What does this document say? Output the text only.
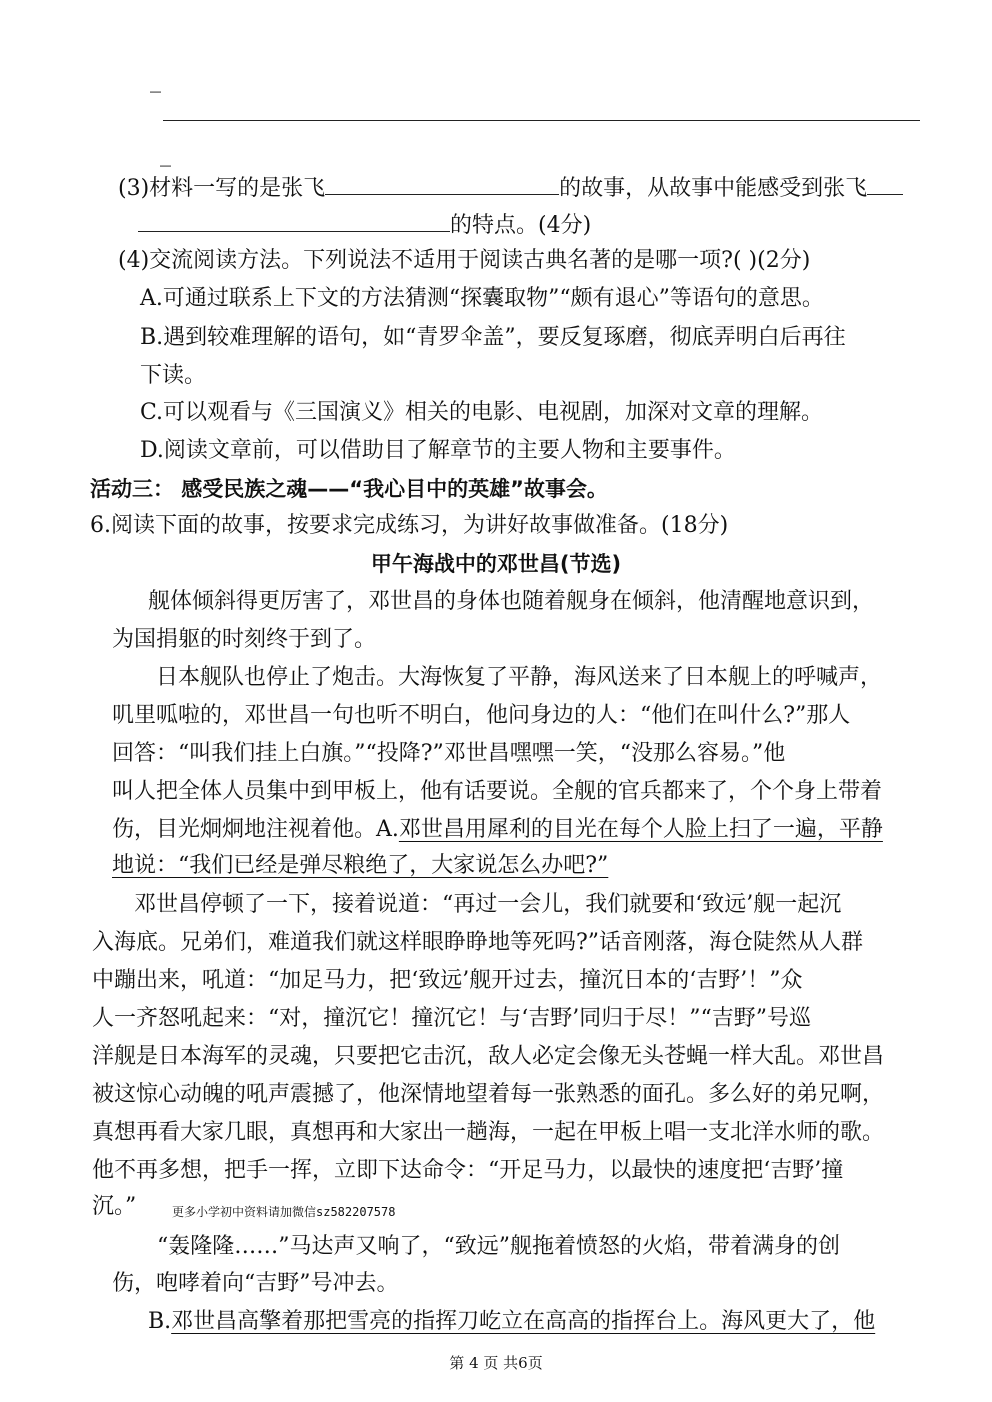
_
_
(3)材料一写的是张飞	的故事，从故事中能感受到张飞
的特点。(4分)
(4)交流阅读方法。下列说法不适用于阅读古典名著的是哪一项?( )(2分)
A.可通过联系上下文的方法猜测“探囊取物”“颇有退心”等语句的意思。
B.遇到较难理解的语句，如“青罗伞盖”，要反复琢磨，彻底弄明白后再往
下读。
C.可以观看与《三国演义》相关的电影、电视剧，加深对文章的理解。
D.阅读文章前，可以借助目了解章节的主要人物和主要事件。
活动三： 感受民族之魂——“我心目中的英雄”故事会。
6.阅读下面的故事，按要求完成练习，为讲好故事做准备。(18分)
甲午海战中的邓世昌(节选)
舰体倾斜得更厉害了，邓世昌的身体也随着舰身在倾斜，他清醒地意识到，
为国捐躯的时刻终于到了。
日本舰队也停止了炮击。大海恢复了平静，海风送来了日本舰上的呼喊声，
叽里呱啦的，邓世昌一句也听不明白，他问身边的人：“他们在叫什么?”那人
回答：“叫我们挂上白旗。”“投降?”邓世昌嘿嘿一笑，“没那么容易。”他
叫人把全体人员集中到甲板上，他有话要说。全舰的官兵都来了，个个身上带着
伤，目光炯炯地注视着他。A.邓世昌用犀利的目光在每个人脸上扫了一遍，平静
地说：“我们已经是弹尽粮绝了，大家说怎么办吧?”
邓世昌停顿了一下，接着说道：“再过一会儿，我们就要和‘致远’舰一起沉
入海底。兄弟们，难道我们就这样眼睁睁地等死吗?”话音刚落，海仓陡然从人群
中蹦出来，吼道：“加足马力，把‘致远’舰开过去，撞沉日本的‘吉野’！”众
人一齐怒吼起来：“对，撞沉它！撞沉它！与‘吉野’同归于尽！”“吉野”号巡
洋舰是日本海军的灵魂，只要把它击沉，敌人必定会像无头苍蝇一样大乱。邓世昌
被这惊心动魄的吼声震撼了，他深情地望着每一张熟悉的面孔。多么好的弟兄啊，
真想再看大家几眼，真想再和大家出一趟海，一起在甲板上唱一支北洋水师的歌。
他不再多想，把手一挥，立即下达命令：“开足马力，以最快的速度把‘吉野’撞
沉。”	更多小学初中资料请加微信sz582207578
“轰隆隆……”马达声又响了，“致远”舰拖着愤怒的火焰，带着满身的创
伤，咆哮着向“吉野”号冲去。
B.邓世昌高擎着那把雪亮的指挥刀屹立在高高的指挥台上。海风更大了，他
第 4 页 共6页
